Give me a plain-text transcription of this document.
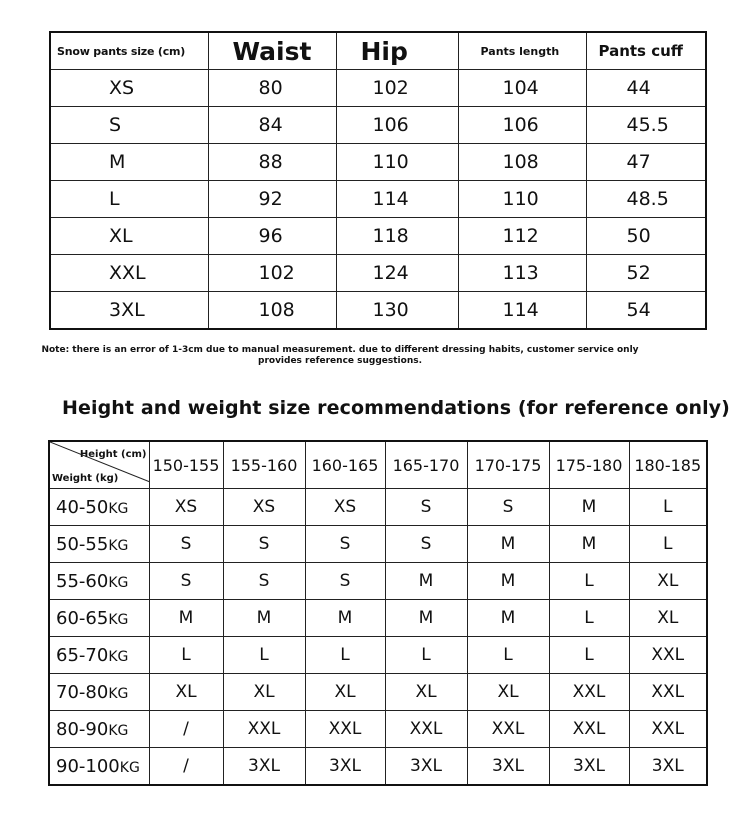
Snow pants size (cm)	Waist	Hip	Pants length	Pants cuff
XS	80	102	104	44
S	84	106	106	45.5
M	88	110	108	47
L	92	114	110	48.5
XL	96	118	112	50
XXL	102	124	113	52
3XL	108	130	114	54
Note: there is an error of 1-3cm due to manual measurement. due to different dressing habits, customer service only provides reference suggestions.
Height and weight size recommendations (for reference only)
Height (cm)
Weight (kg)	150-155	155-160	160-165	165-170	170-175	175-180	180-185
40-50KG	XS	XS	XS	S	S	M	L
50-55KG	S	S	S	S	M	M	L
55-60KG	S	S	S	M	M	L	XL
60-65KG	M	M	M	M	M	L	XL
65-70KG	L	L	L	L	L	L	XXL
70-80KG	XL	XL	XL	XL	XL	XXL	XXL
80-90KG	/	XXL	XXL	XXL	XXL	XXL	XXL
90-100KG	/	3XL	3XL	3XL	3XL	3XL	3XL
